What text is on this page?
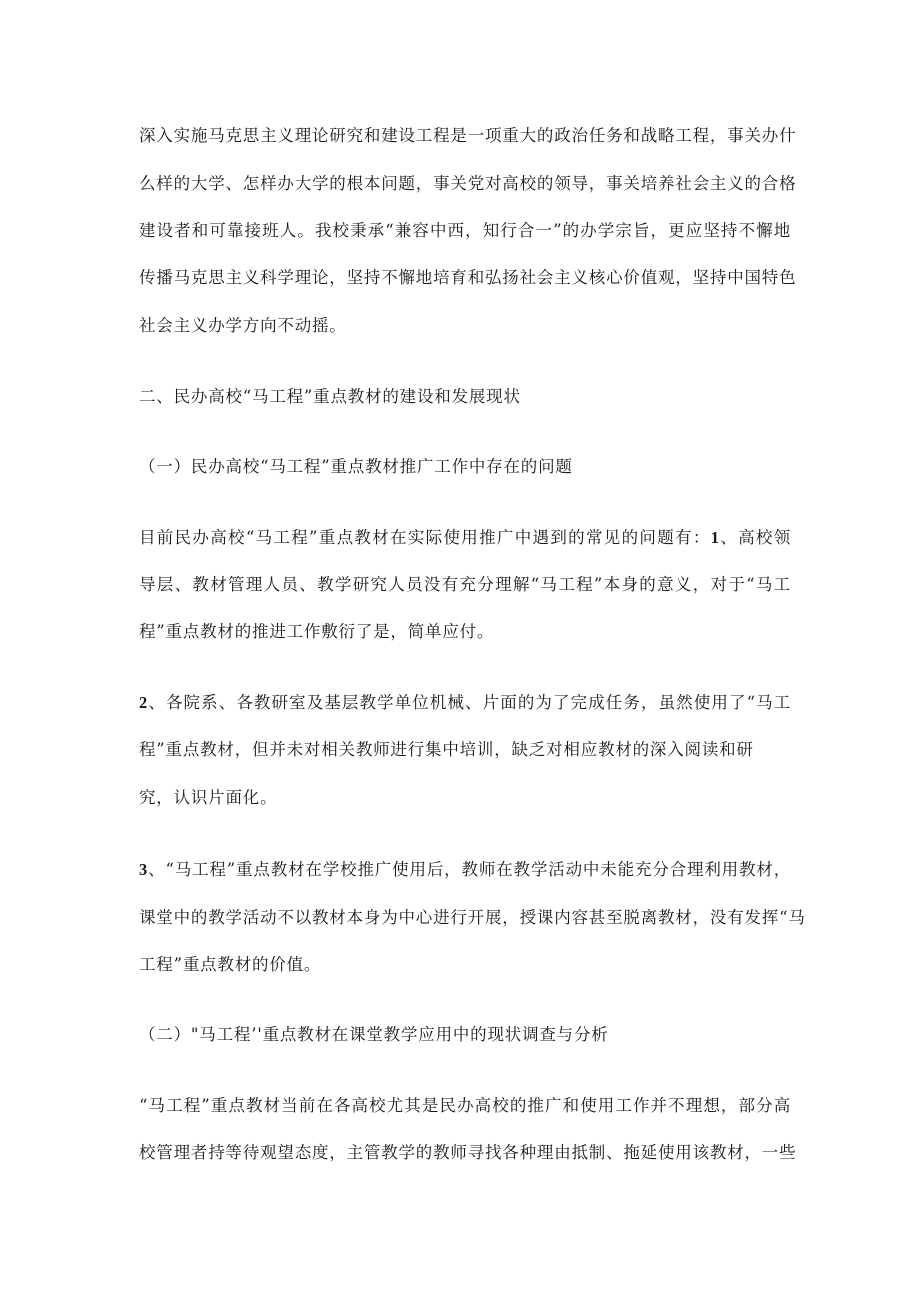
深入实施马克思主义理论研究和建设工程是一项重大的政治任务和战略工程，事关办什
么样的大学、怎样办大学的根本问题，事关党对高校的领导，事关培养社会主义的合格
建设者和可靠接班人。我校秉承“兼容中西，知行合一”的办学宗旨，更应坚持不懈地
传播马克思主义科学理论，坚持不懈地培育和弘扬社会主义核心价值观，坚持中国特色
社会主义办学方向不动摇。
二、民办高校“马工程”重点教材的建设和发展现状
（一）民办高校“马工程”重点教材推广工作中存在的问题
目前民办高校“马工程”重点教材在实际使用推广中遇到的常见的问题有：1、高校领
导层、教材管理人员、教学研究人员没有充分理解“马工程”本身的意义，对于“马工
程”重点教材的推进工作敷衍了是，简单应付。
2、各院系、各教研室及基层教学单位机械、片面的为了完成任务，虽然使用了“马工
程”重点教材，但并未对相关教师进行集中培训，缺乏对相应教材的深入阅读和研
究，认识片面化。
3、“马工程”重点教材在学校推广使用后，教师在教学活动中未能充分合理利用教材，
课堂中的教学活动不以教材本身为中心进行开展，授课内容甚至脱离教材，没有发挥“马
工程”重点教材的价值。
（二）"马工程’'重点教材在课堂教学应用中的现状调查与分析
“马工程”重点教材当前在各高校尤其是民办高校的推广和使用工作并不理想，部分高
校管理者持等待观望态度，主管教学的教师寻找各种理由抵制、拖延使用该教材，一些
